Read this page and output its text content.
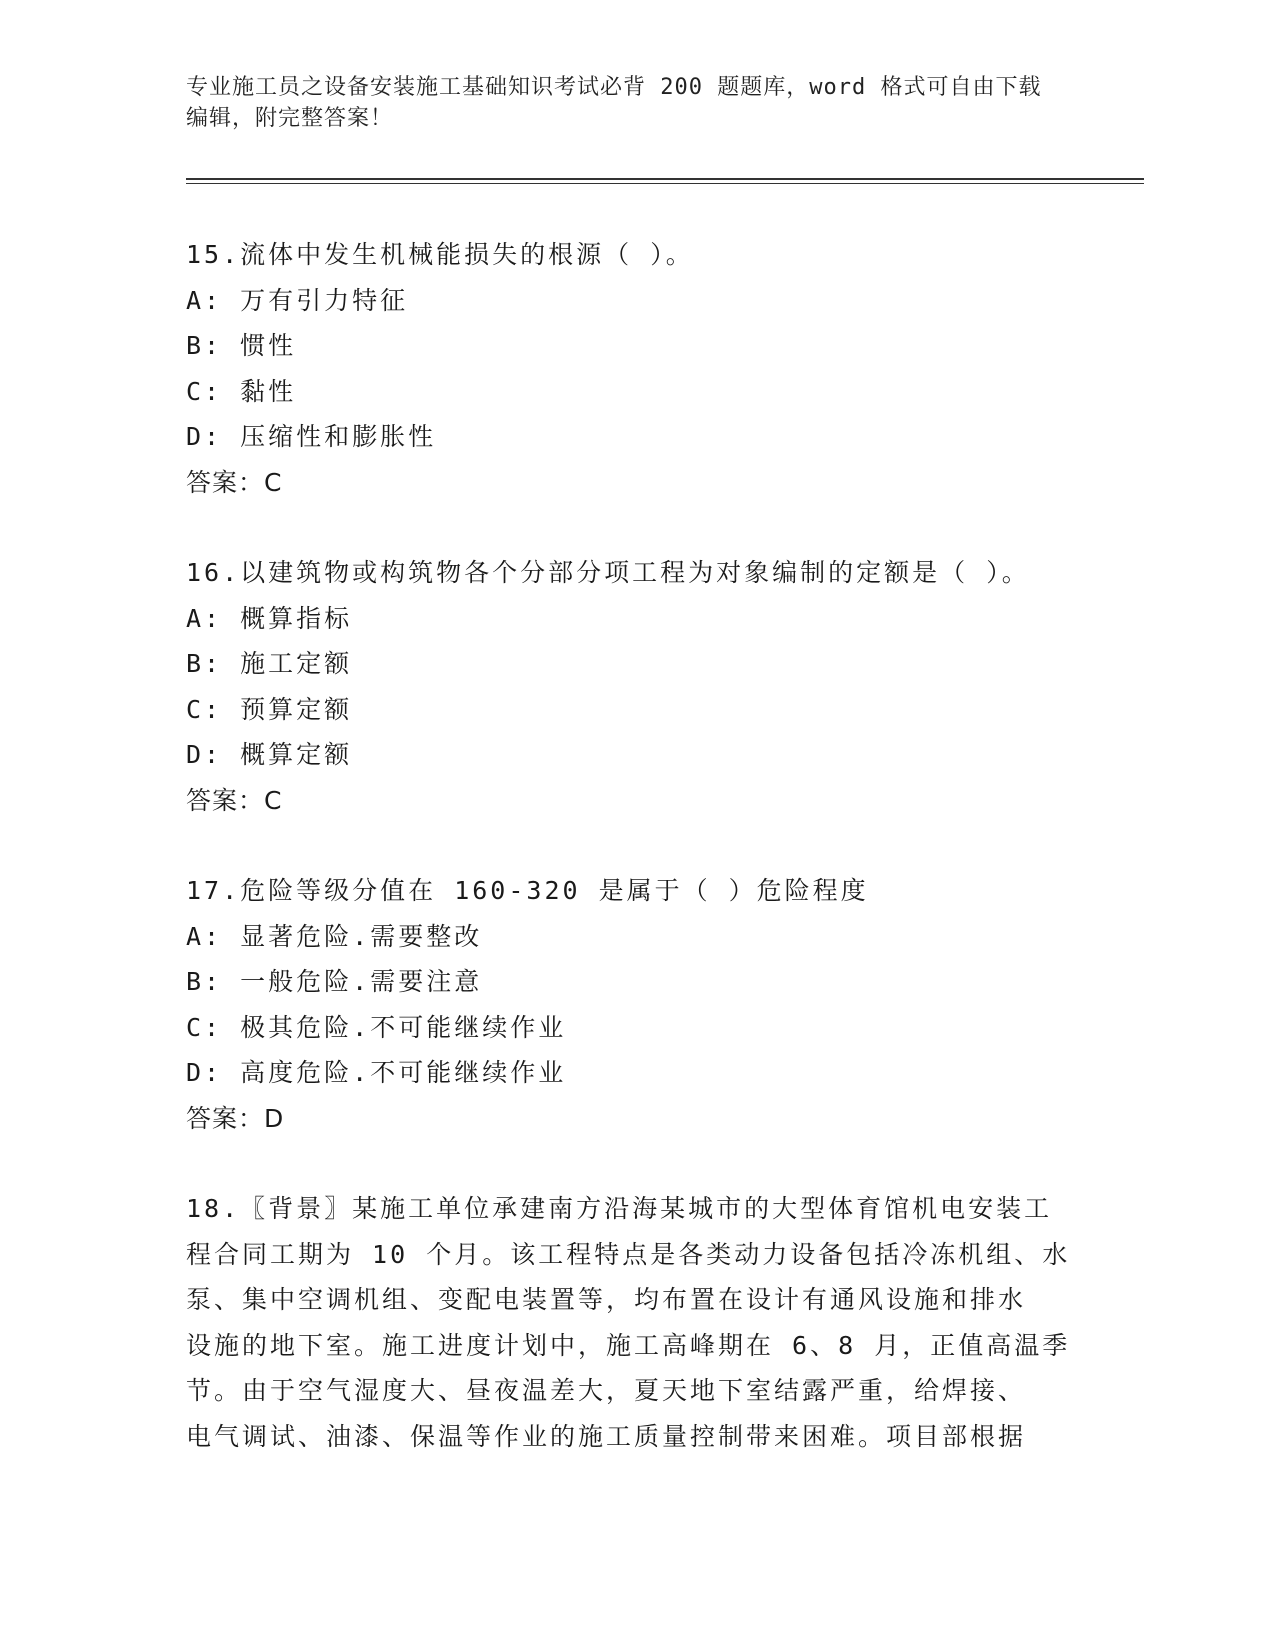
专业施工员之设备安装施工基础知识考试必背 200 题题库，word 格式可自由下载
编辑，附完整答案！
15.流体中发生机械能损失的根源（ ）。
A: 万有引力特征
B: 惯性
C: 黏性
D: 压缩性和膨胀性
答案：C
16.以建筑物或构筑物各个分部分项工程为对象编制的定额是（ ）。
A: 概算指标
B: 施工定额
C: 预算定额
D: 概算定额
答案：C
17.危险等级分值在 160-320 是属于（ ）危险程度
A: 显著危险.需要整改
B: 一般危险.需要注意
C: 极其危险.不可能继续作业
D: 高度危险.不可能继续作业
答案：D
18.〖背景〗某施工单位承建南方沿海某城市的大型体育馆机电安装工
程合同工期为 10 个月。该工程特点是各类动力设备包括冷冻机组、水
泵、集中空调机组、变配电装置等，均布置在设计有通风设施和排水
设施的地下室。施工进度计划中，施工高峰期在 6、8 月，正值高温季
节。由于空气湿度大、昼夜温差大，夏天地下室结露严重，给焊接、
电气调试、油漆、保温等作业的施工质量控制带来困难。项目部根据
